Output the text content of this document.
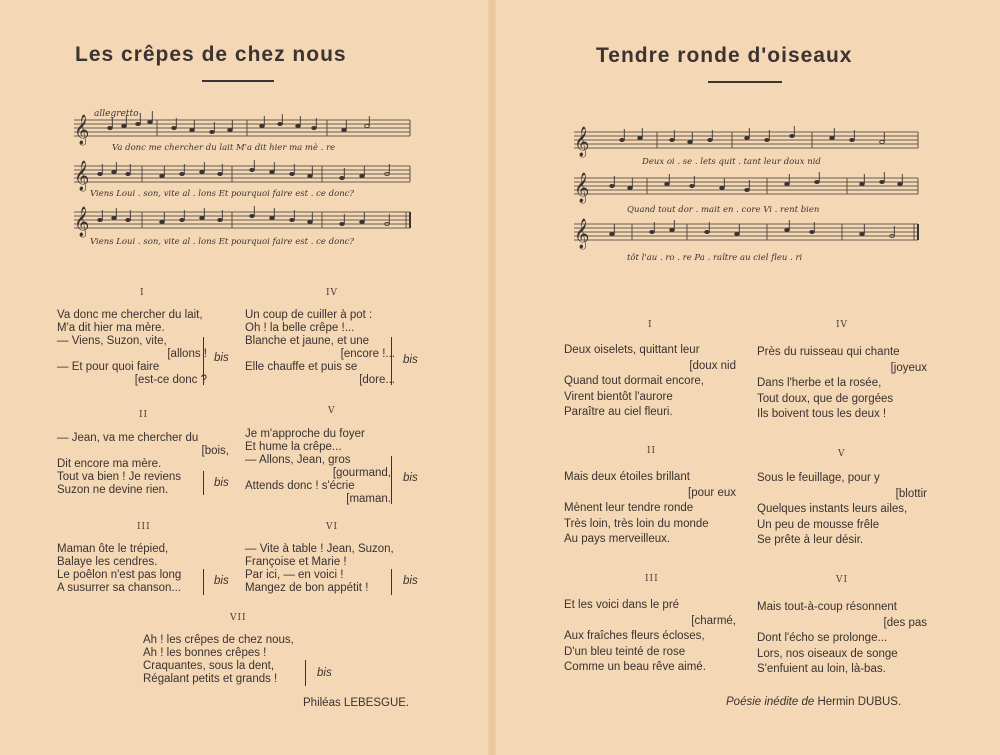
Les crêpes de chez nous
allegretto
𝄞
𝄞
𝄞
Va donc me chercher du lait M'a dit hier ma mè . re
Viens Loui . son, vite al . lons Et pourquoi faire est . ce donc?
Viens Loui . son, vite al . lons Et pourquoi faire est . ce donc?
I
Va donc me chercher du lait,
M'a dit hier ma mère.
— Viens, Suzon, vite,
[allons !
— Et pour quoi faire
[est-ce donc ?
bis
IV
Un coup de cuiller à pot :
Oh ! la belle crêpe !...
Blanche et jaune, et une
[encore !...
Elle chauffe et puis se
[dore...
bis
II
— Jean, va me chercher du
[bois,
Dit encore ma mère.
Tout va bien ! Je reviens
Suzon ne devine rien.
bis
V
Je m'approche du foyer
Et hume la crêpe...
— Allons, Jean, gros
[gourmand,
Attends donc ! s'écrie
[maman.
bis
III
Maman ôte le trépied,
Balaye les cendres.
Le poêlon n'est pas long
A susurrer sa chanson...
bis
VI
— Vite à table ! Jean, Suzon,
Françoise et Marie !
Par ici, — en voici !
Mangez de bon appétit !
bis
VII
Ah ! les crêpes de chez nous,
Ah ! les bonnes crêpes !
Craquantes, sous la dent,
Régalant petits et grands !	bis
Philéas LEBESGUE.
Tendre ronde d'oiseaux
𝄞
𝄞
𝄞
Deux oi . se . lets quit . tant leur doux nid
Quand tout dor . mait en . core Vi . rent bien
tôt l'au . ro . re Pa . raître au ciel fleu . ri
I
Deux oiselets, quittant leur
[doux nid
Quand tout dormait encore,
Virent bientôt l'aurore
Paraître au ciel fleuri.
IV
Près du ruisseau qui chante
[joyeux
Dans l'herbe et la rosée,
Tout doux, que de gorgées
Ils boivent tous les deux !
II
Mais deux étoiles brillant
[pour eux
Mènent leur tendre ronde
Très loin, très loin du monde
Au pays merveilleux.
V
Sous le feuillage, pour y
[blottir
Quelques instants leurs ailes,
Un peu de mousse frêle
Se prête à leur désir.
III
Et les voici dans le pré
[charmé,
Aux fraîches fleurs écloses,
D'un bleu teinté de rose
Comme un beau rêve aimé.
VI
Mais tout-à-coup résonnent
[des pas
Dont l'écho se prolonge...
Lors, nos oiseaux de songe
S'enfuient au loin, là-bas.
Poésie inédite de Hermin DUBUS.
